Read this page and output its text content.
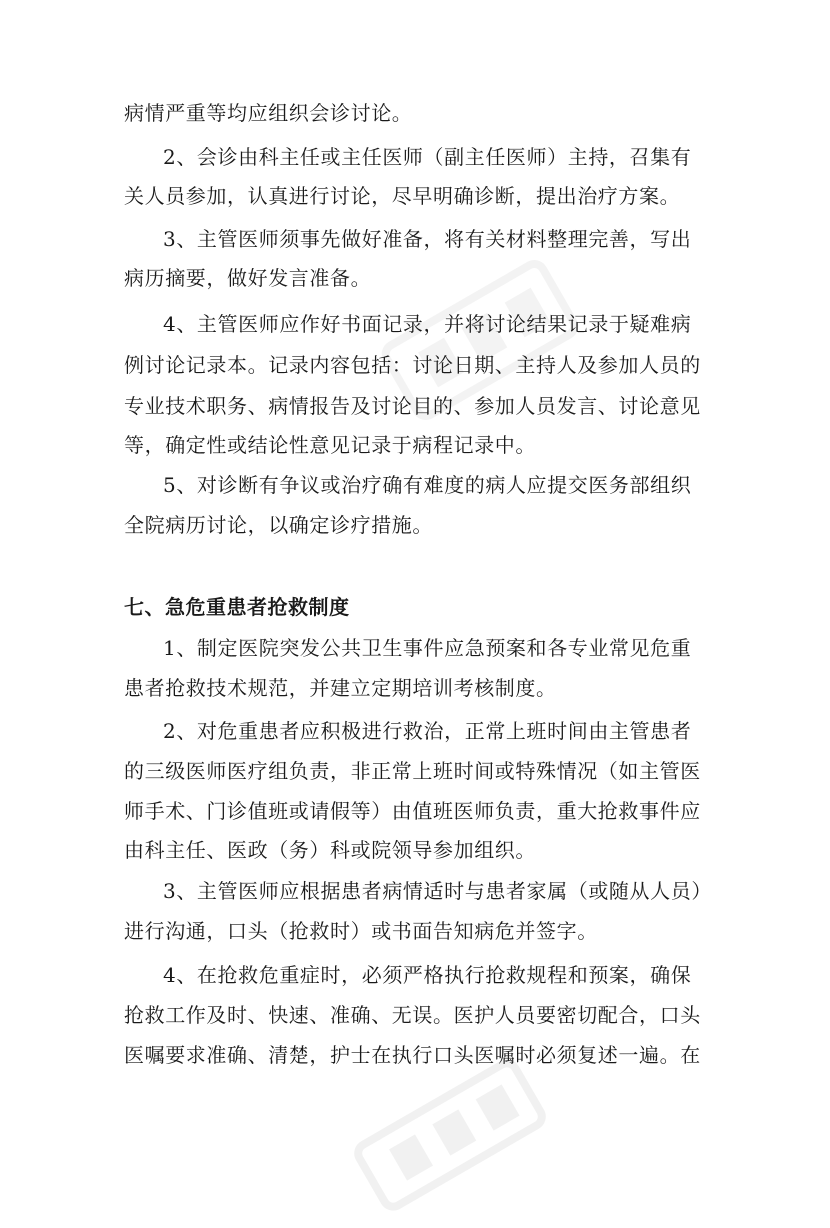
病情严重等均应组织会诊讨论。
2、会诊由科主任或主任医师（副主任医师）主持，召集有
关人员参加，认真进行讨论，尽早明确诊断，提出治疗方案。
3、主管医师须事先做好准备，将有关材料整理完善，写出
病历摘要，做好发言准备。
4、主管医师应作好书面记录，并将讨论结果记录于疑难病
例讨论记录本。记录内容包括：讨论日期、主持人及参加人员的
专业技术职务、病情报告及讨论目的、参加人员发言、讨论意见
等，确定性或结论性意见记录于病程记录中。
5、对诊断有争议或治疗确有难度的病人应提交医务部组织
全院病历讨论，以确定诊疗措施。
七、急危重患者抢救制度
1、制定医院突发公共卫生事件应急预案和各专业常见危重
患者抢救技术规范，并建立定期培训考核制度。
2、对危重患者应积极进行救治，正常上班时间由主管患者
的三级医师医疗组负责，非正常上班时间或特殊情况（如主管医
师手术、门诊值班或请假等）由值班医师负责，重大抢救事件应
由科主任、医政（务）科或院领导参加组织。
3、主管医师应根据患者病情适时与患者家属（或随从人员）
进行沟通，口头（抢救时）或书面告知病危并签字。
4、在抢救危重症时，必须严格执行抢救规程和预案，确保
抢救工作及时、快速、准确、无误。医护人员要密切配合，口头
医嘱要求准确、清楚，护士在执行口头医嘱时必须复述一遍。在
